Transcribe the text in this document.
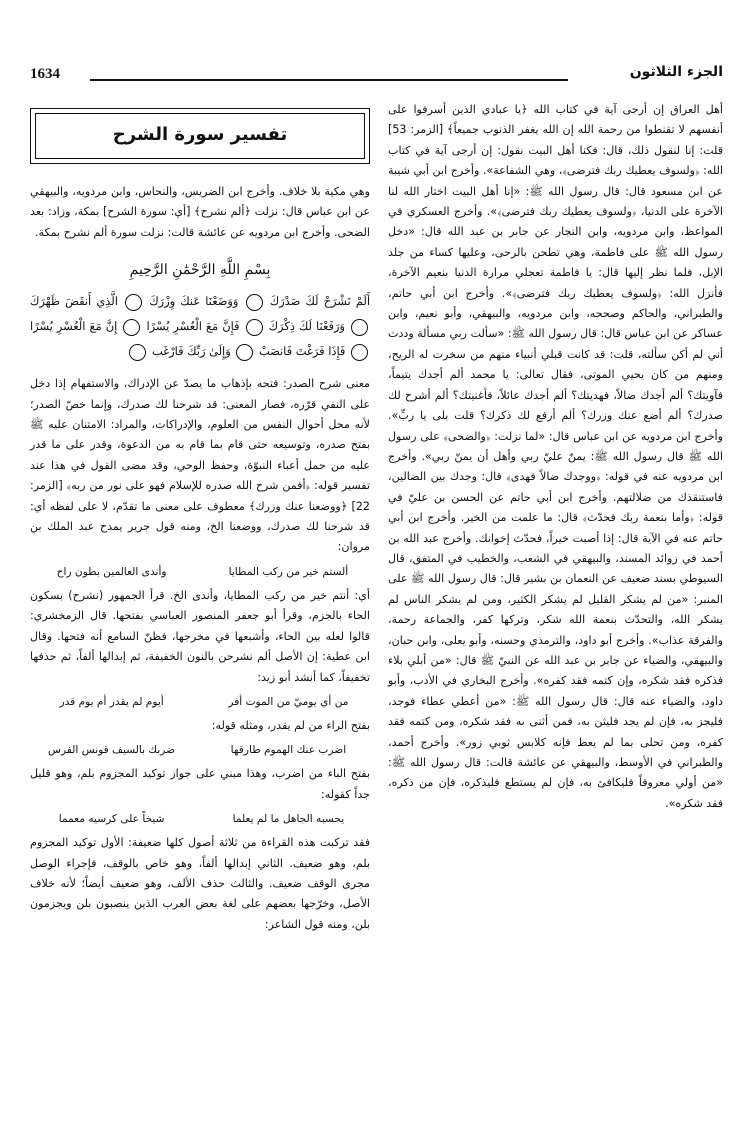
1634	الجزء الثلاثون

أهل العراق إن أرجى آية في كتاب الله ﴿يا عبادي الذين أسرفوا على أنفسهم لا تقنطوا من رحمة الله إن الله يغفر الذنوب جميعاً﴾ [الزمر: 53] قلت: إنا لنقول ذلك، قال: فكنا أهل البيت نقول: إن أرجى آية في كتاب الله: ﴿ولسوف يعطيك ربك فترضى﴾، وهي الشفاعة». وأخرج ابن أبي شيبة عن ابن مسعود قال: قال رسول الله ﷺ: «إنا أهل البيت اختار الله لنا الآخرة على الدنيا، ﴿ولسوف يعطيك ربك فترضى﴾». وأخرج العسكري في المواعظ، وابن مردويه، وابن النجار عن جابر بن عبد الله قال: «دخل رسول الله ﷺ على فاطمة، وهي تطحن بالرحى، وعليها كساء من جلد الإبل، فلما نظر إليها قال: يا فاطمة تعجلي مرارة الدنيا بنعيم الآخرة، فأنزل الله: ﴿ولسوف يعطيك ربك فترضى﴾». وأخرج ابن أبي حاتم، والطبراني، والحاكم وصححه، وابن مردويه، والبيهقي، وأبو نعيم، وابن عساكر عن ابن عباس قال: قال رسول الله ﷺ: «سألت ربي مسألة وددت أني لم أكن سألته، قلت: قد كانت قبلي أنبياء منهم من سخرت له الريح، ومنهم من كان يحيي الموتى، فقال تعالى: يا محمد ألم أجدك يتيماً، فآويتك؟ ألم أجدك ضالاً، فهديتك؟ ألم أجدك عائلاً، فأغنيتك؟ ألم أشرح لك صدرك؟ ألم أضع عنك وزرك؟ ألم أرفع لك ذكرك؟ قلت بلى يا ربِّ». وأخرج ابن مردويه عن ابن عباس قال: «لما نزلت: ﴿والضحى﴾ على رسول الله ﷺ قال رسول الله ﷺ: يمنّ عليّ ربي وأهل أن يمنّ ربي». وأخرج ابن مردويه عنه في قوله: ﴿ووجدك ضالاً فهدى﴾ قال: وجدك بين الضالين، فاستنقذك من ضلالتهم. وأخرج ابن أبي حاتم عن الحسن بن عليّ في قوله: ﴿وأما بنعمة ربك فحدّث﴾ قال: ما علمت من الخير. وأخرج ابن أبي حاتم عنه في الآية قال: إذا أصبت خيراً، فحدّث إخوانك. وأخرج عبد الله بن أحمد في زوائد المسند، والبيهقي في الشعب، والخطيب في المتفق، قال السيوطي بسند ضعيف عن النعمان بن بشير قال: قال رسول الله ﷺ على المنبر: «من لم يشكر القليل لم يشكر الكثير، ومن لم يشكر الناس لم يشكر الله، والتحدّث بنعمة الله شكر، وتركها كفر، والجماعة رحمة، والفرقة عذاب». وأخرج أبو داود، والترمذي وحسنه، وأبو يعلى، وابن حبان، والبيهقي، والضياء عن جابر بن عبد الله عن النبيّ ﷺ قال: «من أبلي بلاء فذكره فقد شكره، وإن كتمه فقد كفره». وأخرج البخاري في الأدب، وأبو داود، والضياء عنه قال: قال رسول الله ﷺ: «من أعطي عطاء فوجد، فليجز به، فإن لم يجد فليثن به، فمن أثنى به فقد شكره، ومن كتمه فقد كفره، ومن تحلى بما لم يعط فإنه كلابس ثوبي زور». وأخرج أحمد، والطبراني في الأوسط، والبيهقي عن عائشة قالت: قال رسول الله ﷺ: «من أولي معروفاً فليكافئ به، فإن لم يستطع فليذكره، فإن من ذكره، فقد شكره».

تفسير سورة الشرح

وهي مكية بلا خلاف. وأخرج ابن الضريس، والنحاس، وابن مردويه، والبيهقي عن ابن عباس قال: نزلت ﴿ألم نشرح﴾ [أي: سورة الشرح] بمكة، وزاد: بعد الضحى. وأخرج ابن مردويه عن عائشة قالت: نزلت سورة ألم نشرح بمكة.

بِسْمِ اللَّهِ الرَّحْمَٰنِ الرَّحِيمِ
أَلَمْ نَشْرَحْ لَكَ صَدْرَكَ  وَوَضَعْنَا عَنكَ وِزْرَكَ  الَّذِي أَنقَضَ ظَهْرَكَ  وَرَفَعْنَا لَكَ ذِكْرَكَ  فَإِنَّ مَعَ الْعُسْرِ يُسْرًا  إِنَّ مَعَ الْعُسْرِ يُسْرًا  فَإِذَا فَرَغْتَ فَانصَبْ  وَإِلَىٰ رَبِّكَ فَارْغَب

معنى شرح الصدر: فتحه بإذهاب ما يصدّ عن الإدراك، والاستفهام إذا دخل على النفي قرّره، فصار المعنى: قد شرحنا لك صدرك، وإنما خصّ الصدر؛ لأنه محل أحوال النفس من العلوم، والإدراكات، والمراد: الامتنان عليه ﷺ بفتح صدره، وتوسيعه حتى قام بما قام به من الدعوة، وقدر على ما قدر عليه من حمل أعباء النبوّة، وحفظ الوحي، وقد مضى القول في هذا عند تفسير قوله: ﴿أفمن شرح الله صدره للإسلام فهو على نور من ربه﴾ [الزمر: 22] ﴿ووضعنا عنك وزرك﴾ معطوف على معنى ما تقدّم، لا على لفظه أي: قد شرحنا لك صدرك، ووضعنا الخ، ومنه قول جرير يمدح عبد الملك بن مروان:

ألستم خير من ركب المطايا
وأندى العالمين بطون راح

أي: أنتم خير من ركب المطايا، وأندى الخ. قرأ الجمهور (نشرح) بسكون الحاء بالجزم، وقرأ أبو جعفر المنصور العباسي بفتحها. قال الزمخشري: قالوا لعله بين الحاء، وأشبعها في مخرجها، فظنّ السامع أنه فتحها. وقال ابن عطية: إن الأصل ألم نشرحن بالنون الخفيفة، ثم إبدالها ألفاً، ثم حذفها تخفيفاً، كما أنشد أبو زيد:

من أي يوميّ من الموت أفر
أيوم لم يقدر أم يوم قدر

بفتح الراء من لم يقدر، ومثله قوله:

اضرب عنك الهموم طارقها
ضربك بالسيف قونس الفرس

بفتح الباء من اضرب، وهذا مبني على جواز توكيد المجزوم بلم، وهو قليل جداً كقوله:

يحسبه الجاهل ما لم يعلما
شيخاً على كرسيه معمما

فقد تركبت هذه القراءة من ثلاثة أصول كلها ضعيفة: الأول توكيد المجزوم بلم، وهو ضعيف. الثاني إبدالها ألفاً، وهو خاص بالوقف، فإجراء الوصل مجرى الوقف ضعيف. والثالث حذف الألف، وهو ضعيف أيضاً؛ لأنه خلاف الأصل، وخرّجها بعضهم على لغة بعض العرب الذين ينصبون بلن ويجزمون بلن، ومنه قول الشاعر:
